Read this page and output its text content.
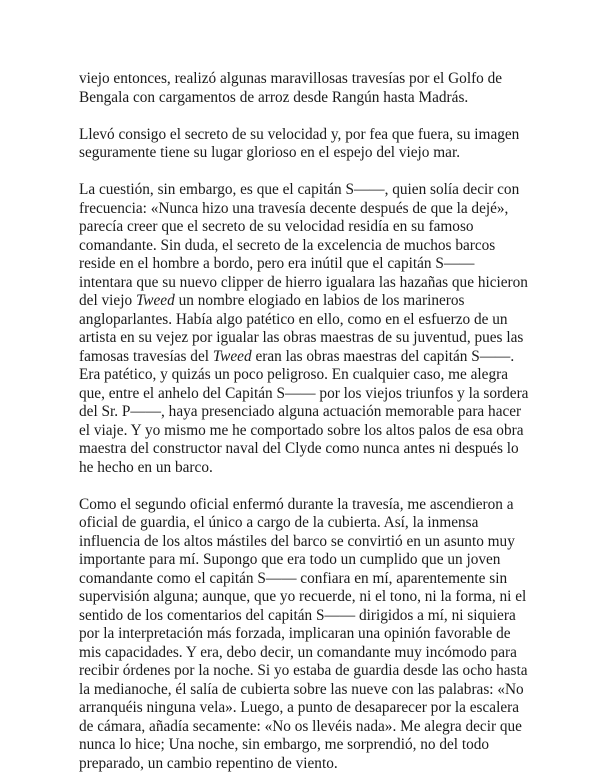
viejo entonces, realizó algunas maravillosas travesías por el Golfo de Bengala con cargamentos de arroz desde Rangún hasta Madrás.

Llevó consigo el secreto de su velocidad y, por fea que fuera, su imagen seguramente tiene su lugar glorioso en el espejo del viejo mar.

La cuestión, sin embargo, es que el capitán S——, quien solía decir con frecuencia: «Nunca hizo una travesía decente después de que la dejé», parecía creer que el secreto de su velocidad residía en su famoso comandante. Sin duda, el secreto de la excelencia de muchos barcos reside en el hombre a bordo, pero era inútil que el capitán S—— intentara que su nuevo clipper de hierro igualara las hazañas que hicieron del viejo Tweed un nombre elogiado en labios de los marineros angloparlantes. Había algo patético en ello, como en el esfuerzo de un artista en su vejez por igualar las obras maestras de su juventud, pues las famosas travesías del Tweed eran las obras maestras del capitán S——. Era patético, y quizás un poco peligroso. En cualquier caso, me alegra que, entre el anhelo del Capitán S—— por los viejos triunfos y la sordera del Sr. P——, haya presenciado alguna actuación memorable para hacer el viaje. Y yo mismo me he comportado sobre los altos palos de esa obra maestra del constructor naval del Clyde como nunca antes ni después lo he hecho en un barco.

Como el segundo oficial enfermó durante la travesía, me ascendieron a oficial de guardia, el único a cargo de la cubierta. Así, la inmensa influencia de los altos mástiles del barco se convirtió en un asunto muy importante para mí. Supongo que era todo un cumplido que un joven comandante como el capitán S—— confiara en mí, aparentemente sin supervisión alguna; aunque, que yo recuerde, ni el tono, ni la forma, ni el sentido de los comentarios del capitán S—— dirigidos a mí, ni siquiera por la interpretación más forzada, implicaran una opinión favorable de mis capacidades. Y era, debo decir, un comandante muy incómodo para recibir órdenes por la noche. Si yo estaba de guardia desde las ocho hasta la medianoche, él salía de cubierta sobre las nueve con las palabras: «No arranquéis ninguna vela». Luego, a punto de desaparecer por la escalera de cámara, añadía secamente: «No os llevéis nada». Me alegra decir que nunca lo hice; Una noche, sin embargo, me sorprendió, no del todo preparado, un cambio repentino de viento.
